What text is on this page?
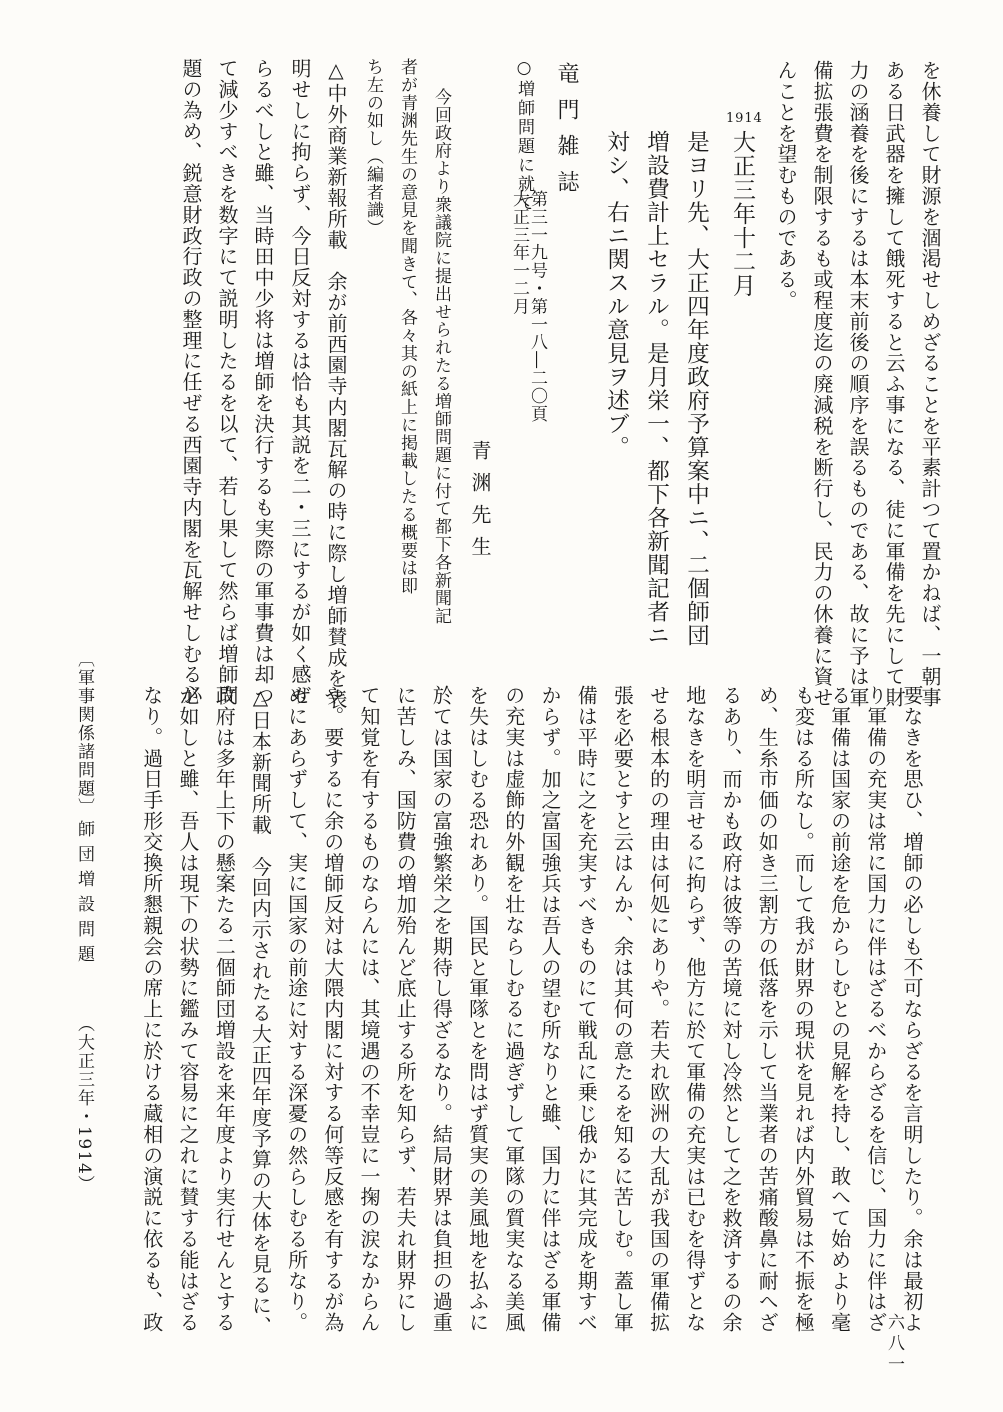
を休養して財源を涸渇せしめざることを平素計つて置かねば、一朝事
ある日武器を擁して餓死すると云ふ事になる、徒に軍備を先にして財
力の涵養を後にするは本末前後の順序を誤るものである、故に予は軍
備拡張費を制限するも或程度迄の廃減税を断行し、民力の休養に資せ
んことを望むものである。
1914
大正三年十二月
是ヨリ先、大正四年度政府予算案中ニ、二個師団
増設費計上セラル。是月栄一、都下各新聞記者ニ
対シ、右ニ関スル意見ヲ述ブ。
竜門雑誌
第三一九号・第一八―二〇頁
大正三年一二月
○増師問題に就て
青渊先生
今回政府より衆議院に提出せられたる増師問題に付て都下各新聞記
者が青渊先生の意見を聞きて、各々其の紙上に掲載したる概要は即
ち左の如し（編者識）
△中外商業新報所載　余が前西園寺内閣瓦解の時に際し増師賛成を表
明せしに拘らず、今日反対するは恰も其説を二・三にするが如く感ぜ
らるべしと雖、当時田中少将は増師を決行するも実際の軍事費は却つ
て減少すべきを数字にて説明したるを以て、若し果して然らば増師問
題の為め、鋭意財政行政の整理に任ぜる西園寺内閣を瓦解せしむる必
要なきを思ひ、増師の必しも不可ならざるを言明したり。余は最初よ
り軍備の充実は常に国力に伴はざるべからざるを信じ、国力に伴はざ
る軍備は国家の前途を危からしむとの見解を持し、敢へて始めより毫
も変はる所なし。而して我が財界の現状を見れば内外貿易は不振を極
め、生糸市価の如き三割方の低落を示して当業者の苦痛酸鼻に耐へざ
るあり、而かも政府は彼等の苦境に対し冷然として之を救済するの余
地なきを明言せるに拘らず、他方に於て軍備の充実は已むを得ずとな
せる根本的の理由は何処にありや。若夫れ欧洲の大乱が我国の軍備拡
張を必要とすと云はんか、余は其何の意たるを知るに苦しむ。蓋し軍
備は平時に之を充実すべきものにて戦乱に乗じ俄かに其完成を期すべ
からず。加之富国強兵は吾人の望む所なりと雖、国力に伴はざる軍備
の充実は虚飾的外観を壮ならしむるに過ぎずして軍隊の質実なる美風
を失はしむる恐れあり。国民と軍隊とを問はず質実の美風地を払ふに
於ては国家の富強繁栄之を期待し得ざるなり。結局財界は負担の過重
に苦しみ、国防費の増加殆んど底止する所を知らず、若夫れ財界にし
て知覚を有するものならんには、其境遇の不幸豈に一掬の涙なからん
や。要するに余の増師反対は大隈内閣に対する何等反感を有するが為
めにあらずして、実に国家の前途に対する深憂の然らしむる所なり。
△日本新聞所載　今回内示されたる大正四年度予算の大体を見るに、
政府は多年上下の懸案たる二個師団増設を来年度より実行せんとする
が如しと雖、吾人は現下の状勢に鑑みて容易に之れに賛する能はざる
なり。過日手形交換所懇親会の席上に於ける蔵相の演説に依るも、政
〔軍事関係諸問題〕
師団増設問題
（大正三年・1914）
六八一
